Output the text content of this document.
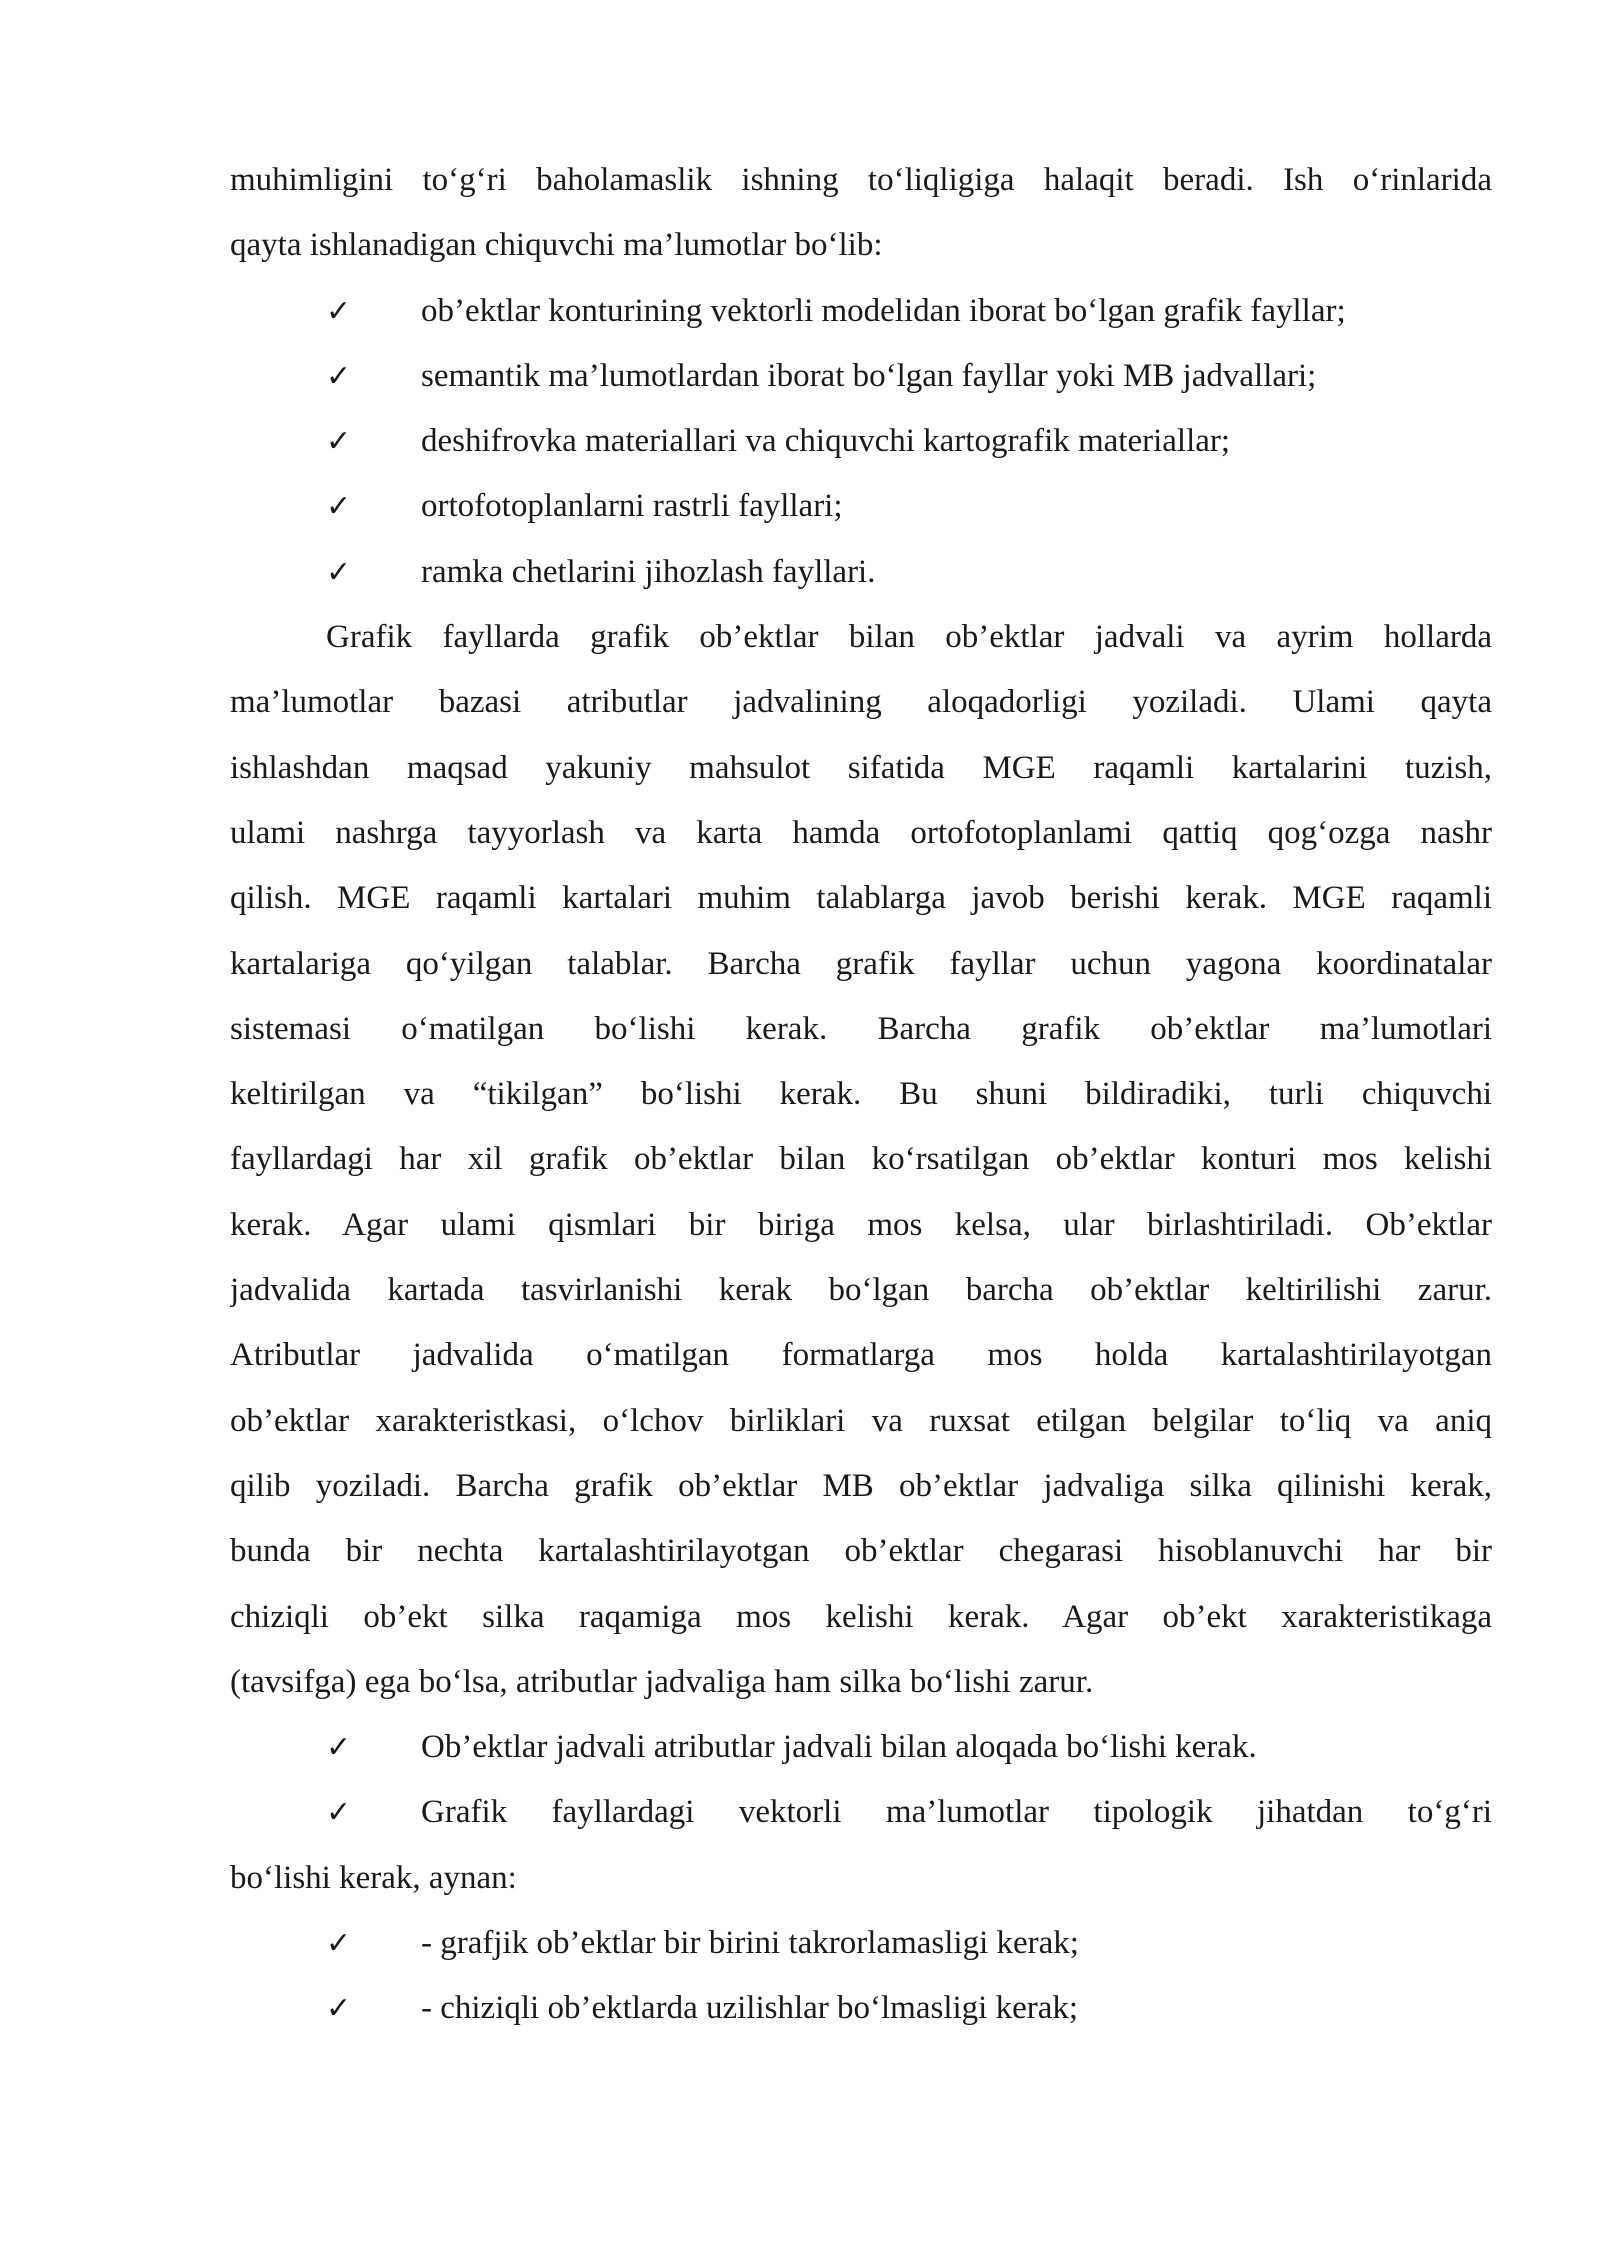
muhimligini to‘g‘ri baholamaslik ishning to‘liqligiga halaqit beradi. Ish o‘rinlarida
qayta ishlanadigan chiquvchi ma’lumotlar bo‘lib:
✓ ob’ektlar konturining vektorli modelidan iborat bo‘lgan grafik fayllar;
✓ semantik ma’lumotlardan iborat bo‘lgan fayllar yoki MB jadvallari;
✓ deshifrovka materiallari va chiquvchi kartografik materiallar;
✓ ortofotoplanlarni rastrli fayllari;
✓ ramka chetlarini jihozlash fayllari.
Grafik fayllarda grafik ob’ektlar bilan ob’ektlar jadvali va ayrim hollarda
ma’lumotlar bazasi atributlar jadvalining aloqadorligi yoziladi. Ulami qayta
ishlashdan maqsad yakuniy mahsulot sifatida MGE raqamli kartalarini tuzish,
ulami nashrga tayyorlash va karta hamda ortofotoplanlami qattiq qog‘ozga nashr
qilish. MGE raqamli kartalari muhim talablarga javob berishi kerak. MGE raqamli
kartalariga qo‘yilgan talablar. Barcha grafik fayllar uchun yagona koordinatalar
sistemasi o‘matilgan bo‘lishi kerak. Barcha grafik ob’ektlar ma’lumotlari
keltirilgan va “tikilgan” bo‘lishi kerak. Bu shuni bildiradiki, turli chiquvchi
fayllardagi har xil grafik ob’ektlar bilan ko‘rsatilgan ob’ektlar konturi mos kelishi
kerak. Agar ulami qismlari bir biriga mos kelsa, ular birlashtiriladi. Ob’ektlar
jadvalida kartada tasvirlanishi kerak bo‘lgan barcha ob’ektlar keltirilishi zarur.
Atributlar jadvalida o‘matilgan formatlarga mos holda kartalashtirilayotgan
ob’ektlar xarakteristkasi, o‘lchov birliklari va ruxsat etilgan belgilar to‘liq va aniq
qilib yoziladi. Barcha grafik ob’ektlar MB ob’ektlar jadvaliga silka qilinishi kerak,
bunda bir nechta kartalashtirilayotgan ob’ektlar chegarasi hisoblanuvchi har bir
chiziqli ob’ekt silka raqamiga mos kelishi kerak. Agar ob’ekt xarakteristikaga
(tavsifga) ega bo‘lsa, atributlar jadvaliga ham silka bo‘lishi zarur.
✓ Ob’ektlar jadvali atributlar jadvali bilan aloqada bo‘lishi kerak.
✓ Grafik fayllardagi vektorli ma’lumotlar tipologik jihatdan to‘g‘ri
bo‘lishi kerak, aynan:
✓ - grafjik ob’ektlar bir birini takrorlamasligi kerak;
✓ - chiziqli ob’ektlarda uzilishlar bo‘lmasligi kerak;
